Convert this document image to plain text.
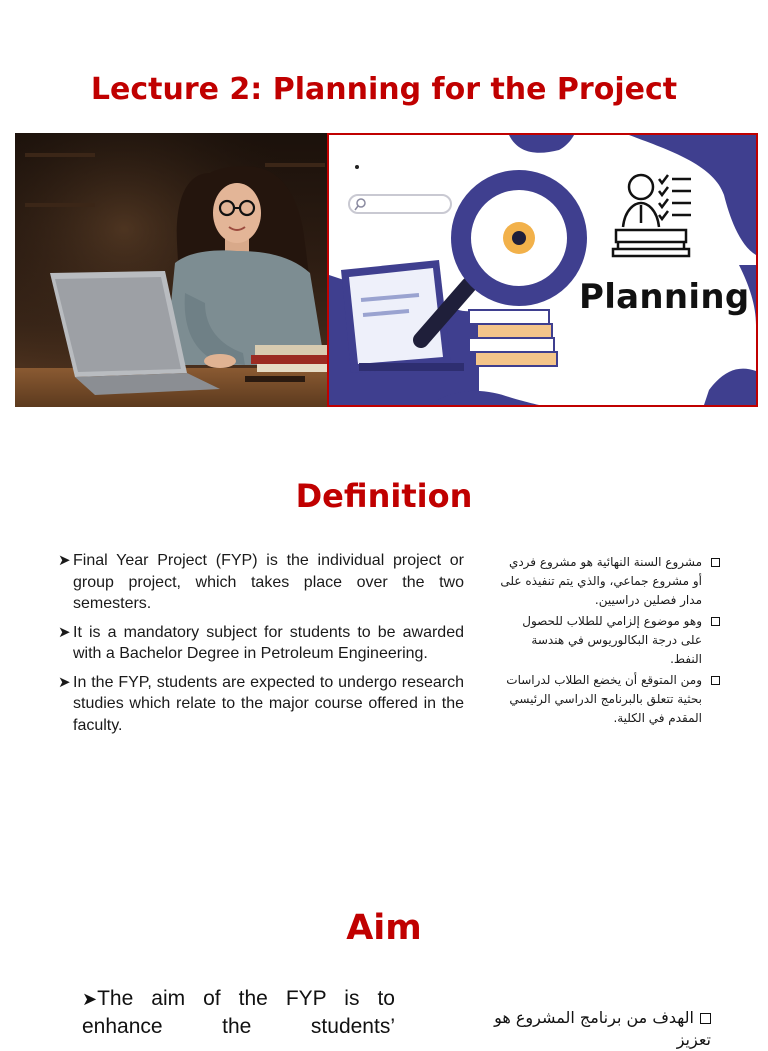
Lecture 2: Planning for the Project
Planning
Definition
➤ Final Year Project (FYP) is the individual project or group project, which takes place over the two semesters.
➤ It is a mandatory subject for students to be awarded with a Bachelor Degree in Petroleum Engineering.
➤ In the FYP, students are expected to undergo research studies which relate to the major course offered in the faculty.
مشروع السنة النهائية هو مشروع فردي أو مشروع جماعي، والذي يتم تنفيذه على مدار فصلين دراسيين.
وهو موضوع إلزامي للطلاب للحصول على درجة البكالوريوس في هندسة النفط.
ومن المتوقع أن يخضع الطلاب لدراسات بحثية تتعلق بالبرنامج الدراسي الرئيسي المقدم في الكلية.
Aim

➤The aim of the FYP is to enhance the students’	الهدف من برنامج المشروع هو تعزيز
